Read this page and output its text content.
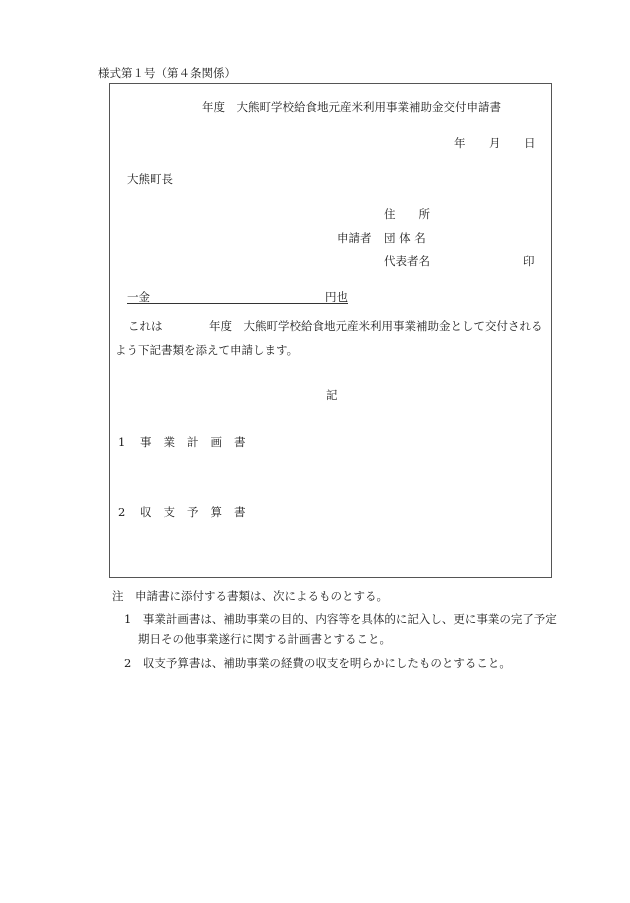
様式第１号（第４条関係）
年度　大熊町学校給食地元産米利用事業補助金交付申請書
年 月 日
大熊町長
住　　所
申請者 団 体 名
代表者名	印
一金	円也
これは	年度　大熊町学校給食地元産米利用事業補助金として交付される
よう下記書類を添えて申請します。
記
1 事業計画書
2 収支予算書
注　申請書に添付する書類は、次によるものとする。
1　事業計画書は、補助事業の目的、内容等を具体的に記入し、更に事業の完了予定
期日その他事業遂行に関する計画書とすること。
2　収支予算書は、補助事業の経費の収支を明らかにしたものとすること。
